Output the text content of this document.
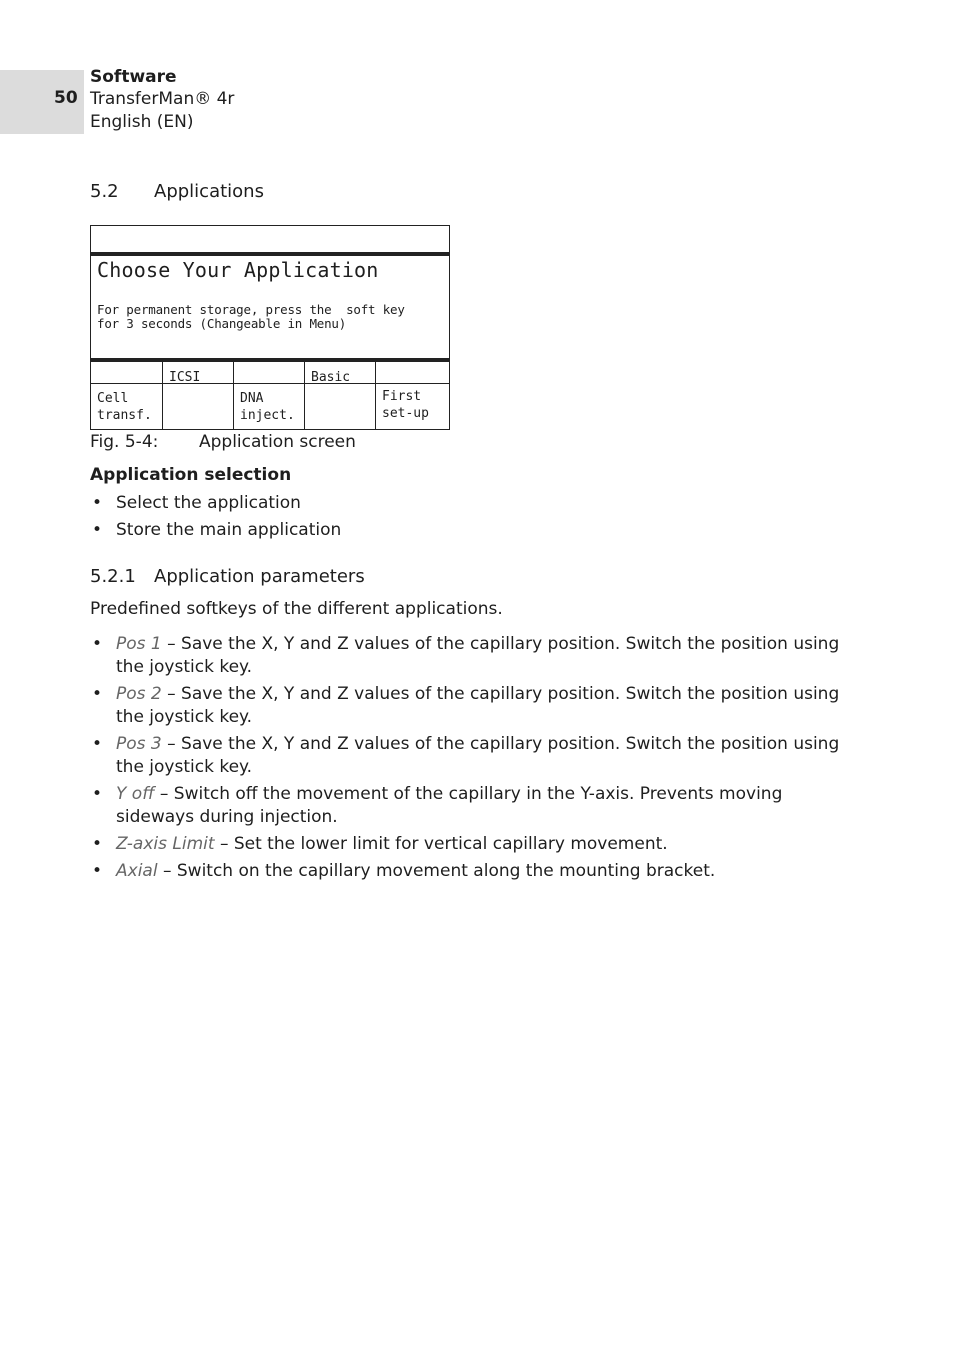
50
Software
TransferMan® 4r
English (EN)
5.2 Applications
Choose Your Application
For permanent storage, press the  soft key
for 3 seconds (Changeable in Menu)
Cell
transf.
ICSI
DNA
inject.
Basic
First
set-up
Fig. 5-4: Application screen
Application selection
• Select the application
• Store the main application
5.2.1 Application parameters
Predefined softkeys of the different applications.
• Pos 1 – Save the X, Y and Z values of the capillary position. Switch the position using the joystick key.
• Pos 2 – Save the X, Y and Z values of the capillary position. Switch the position using the joystick key.
• Pos 3 – Save the X, Y and Z values of the capillary position. Switch the position using the joystick key.
• Y off – Switch off the movement of the capillary in the Y-axis. Prevents moving sideways during injection.
• Z-axis Limit – Set the lower limit for vertical capillary movement.
• Axial – Switch on the capillary movement along the mounting bracket.
